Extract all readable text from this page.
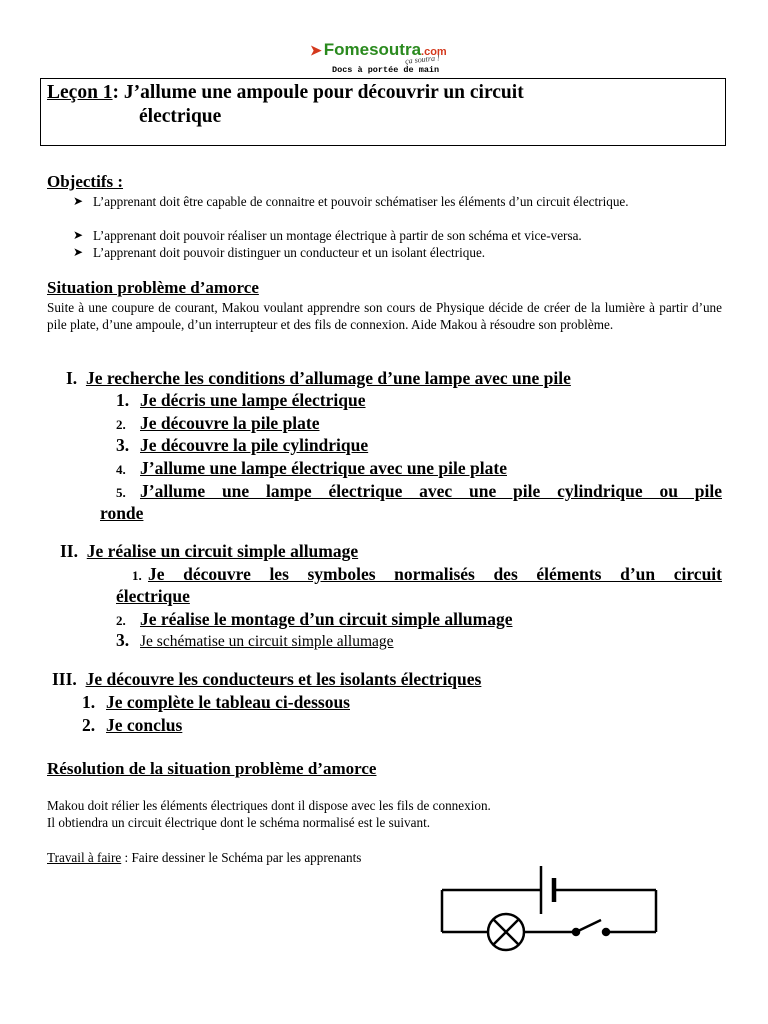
➤ Fomesoutra.com
ça soutra !
Docs à portée de main
Leçon 1: J’allume une ampoule pour découvrir un circuit
électrique
Objectifs :
➤ L’apprenant doit être capable de connaitre et pouvoir schématiser les éléments d’un circuit électrique.
➤ L’apprenant doit pouvoir réaliser un montage électrique à partir de son schéma et vice-versa.
➤ L’apprenant doit pouvoir distinguer un conducteur et un isolant électrique.
Situation problème d’amorce
Suite à une coupure de courant, Makou voulant apprendre son cours de Physique décide de créer de la lumière à partir d’une pile plate, d’une ampoule, d’un interrupteur et des fils de connexion. Aide Makou à résoudre son problème.
I. Je recherche les conditions d’allumage d’une lampe avec une pile
1. Je décris une lampe électrique
2. Je découvre la pile plate
3. Je découvre la pile cylindrique
4. J’allume une lampe électrique avec une pile plate
5. J’allume une lampe électrique avec une pile cylindrique ou pile
ronde
II. Je réalise un circuit simple allumage
1. Je découvre les symboles normalisés des éléments d’un circuit
électrique
2. Je réalise le montage d’un circuit simple allumage
3. Je schématise un circuit simple allumage
III. Je découvre les conducteurs et les isolants électriques
1. Je complète le tableau ci-dessous
2. Je conclus
Résolution de la situation problème d’amorce
Makou doit rélier les éléments électriques dont il dispose avec les fils de connexion.
Il obtiendra un circuit électrique dont le schéma normalisé est le suivant.
Travail à faire : Faire dessiner le Schéma par les apprenants
